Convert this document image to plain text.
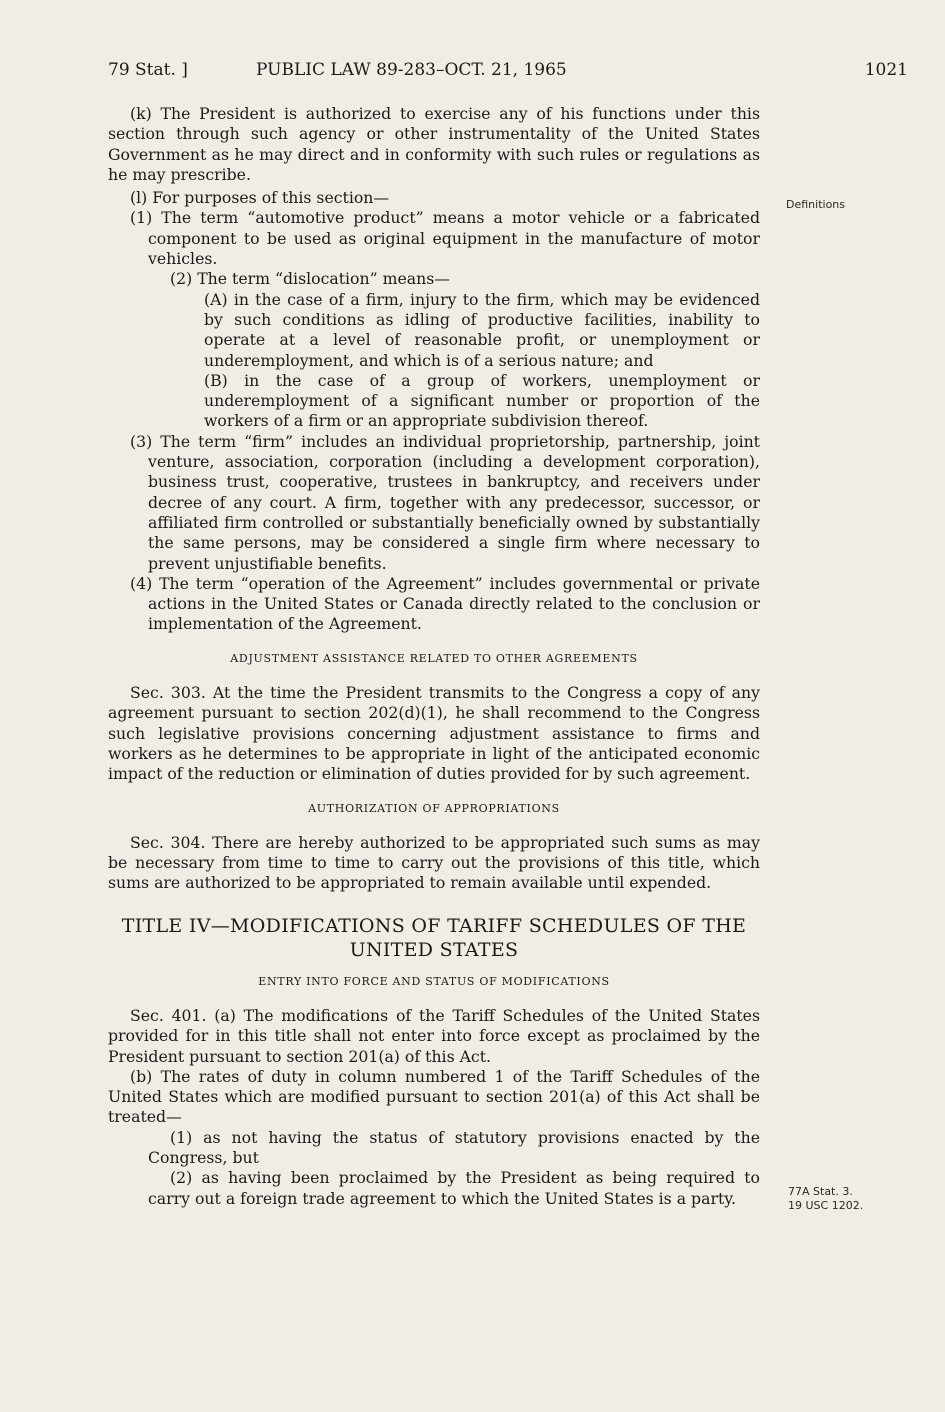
79 Stat. ]	PUBLIC LAW 89-283–OCT. 21, 1965	1021
Definitions
77A Stat. 3.
19 USC 1202.

(k) The President is authorized to exercise any of his functions under this section through such agency or other instrumentality of the United States Government as he may direct and in conformity with such rules or regulations as he may prescribe.

(l) For purposes of this section—

(1) The term “automotive product” means a motor vehicle or a fabricated component to be used as original equipment in the manufacture of motor vehicles.

(2) The term “dislocation” means—

(A) in the case of a firm, injury to the firm, which may be evidenced by such conditions as idling of productive facilities, inability to operate at a level of reasonable profit, or unemployment or underemployment, and which is of a serious nature; and

(B) in the case of a group of workers, unemployment or underemployment of a significant number or proportion of the workers of a firm or an appropriate subdivision thereof.

(3) The term “firm” includes an individual proprietorship, partnership, joint venture, association, corporation (including a development corporation), business trust, cooperative, trustees in bankruptcy, and receivers under decree of any court. A firm, together with any predecessor, successor, or affiliated firm controlled or substantially beneficially owned by substantially the same persons, may be considered a single firm where necessary to prevent unjustifiable benefits.

(4) The term “operation of the Agreement” includes governmental or private actions in the United States or Canada directly related to the conclusion or implementation of the Agreement.

ADJUSTMENT ASSISTANCE RELATED TO OTHER AGREEMENTS

Sec. 303. At the time the President transmits to the Congress a copy of any agreement pursuant to section 202(d)(1), he shall recommend to the Congress such legislative provisions concerning adjustment assistance to firms and workers as he determines to be appropriate in light of the anticipated economic impact of the reduction or elimination of duties provided for by such agreement.

AUTHORIZATION OF APPROPRIATIONS

Sec. 304. There are hereby authorized to be appropriated such sums as may be necessary from time to time to carry out the provisions of this title, which sums are authorized to be appropriated to remain available until expended.

TITLE IV—MODIFICATIONS OF TARIFF SCHEDULES OF THE UNITED STATES
ENTRY INTO FORCE AND STATUS OF MODIFICATIONS

Sec. 401. (a) The modifications of the Tariff Schedules of the United States provided for in this title shall not enter into force except as proclaimed by the President pursuant to section 201(a) of this Act.

(b) The rates of duty in column numbered 1 of the Tariff Schedules of the United States which are modified pursuant to section 201(a) of this Act shall be treated—

(1) as not having the status of statutory provisions enacted by the Congress, but

(2) as having been proclaimed by the President as being required to carry out a foreign trade agreement to which the United States is a party.
